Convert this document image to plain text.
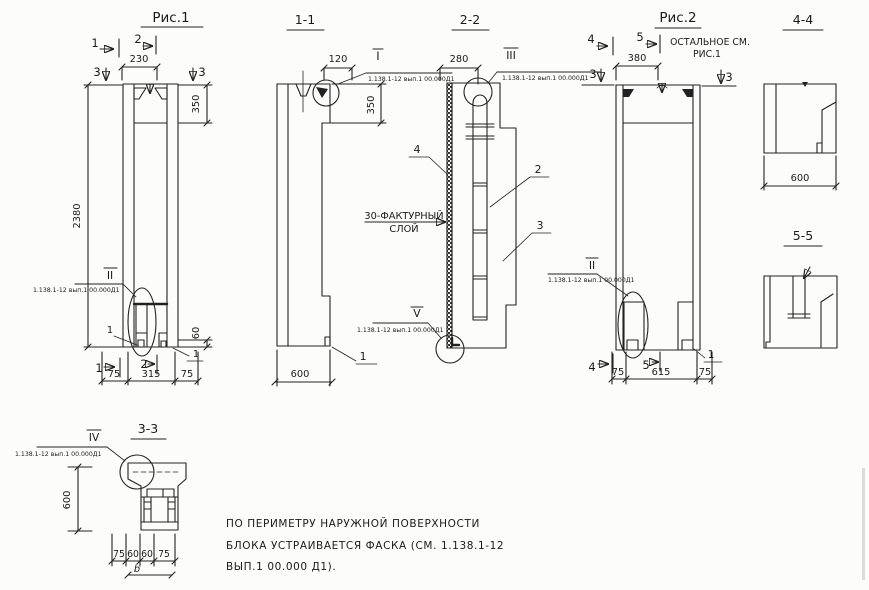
Рис.1
1	2
3	3
230
2380
350
60
75 315 75
1	2
1
1
II
1.138.1-12 вып.1 00.000Д1
1-1
120
350
600
I
1.138.1-12 вып.1 00.000Д1
1
2-2
280	III
1.138.1-12 вып.1 00.000Д1
30-ФАКТУРНЫЙ
СЛОЙ
4
2
3
V
1.138.1-12 вып.1 00.000Д1
Рис.2
ОСТАЛЬНОЕ СМ.
РИС.1
4	5
3	3
380
75	615	75
4	5
1
II
1.138.1-12 вып.1 00.000Д1
4-4
600
5-5
3-3
IV
1.138.1-12 вып.1 00.000Д1
600
75 60 60 75
b
ПО ПЕРИМЕТРУ НАРУЖНОЙ ПОВЕРХНОСТИ
БЛОКА УСТРАИВАЕТСЯ ФАСКА (СМ. 1.138.1-12
ВЫП.1 00.000 Д1).
